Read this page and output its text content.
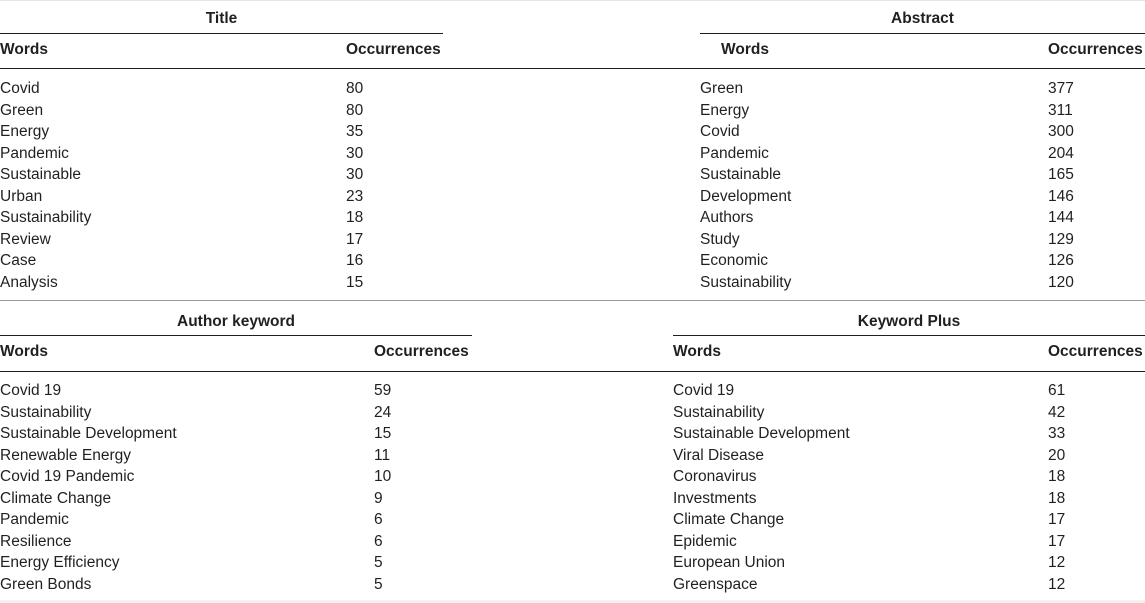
Title
Words	Occurrences
Abstract
Words	Occurrences
Covid	80
Green	80
Energy	35
Pandemic	30
Sustainable	30
Urban	23
Sustainability	18
Review	17
Case	16
Analysis	15
Green	377
Energy	311
Covid	300
Pandemic	204
Sustainable	165
Development	146
Authors	144
Study	129
Economic	126
Sustainability	120
Author keyword
Words	Occurrences
Keyword Plus
Words	Occurrences
Covid 19	59
Sustainability	24
Sustainable Development	15
Renewable Energy	11
Covid 19 Pandemic	10
Climate Change	9
Pandemic	6
Resilience	6
Energy Efficiency	5
Green Bonds	5
Covid 19	61
Sustainability	42
Sustainable Development	33
Viral Disease	20
Coronavirus	18
Investments	18
Climate Change	17
Epidemic	17
European Union	12
Greenspace	12
